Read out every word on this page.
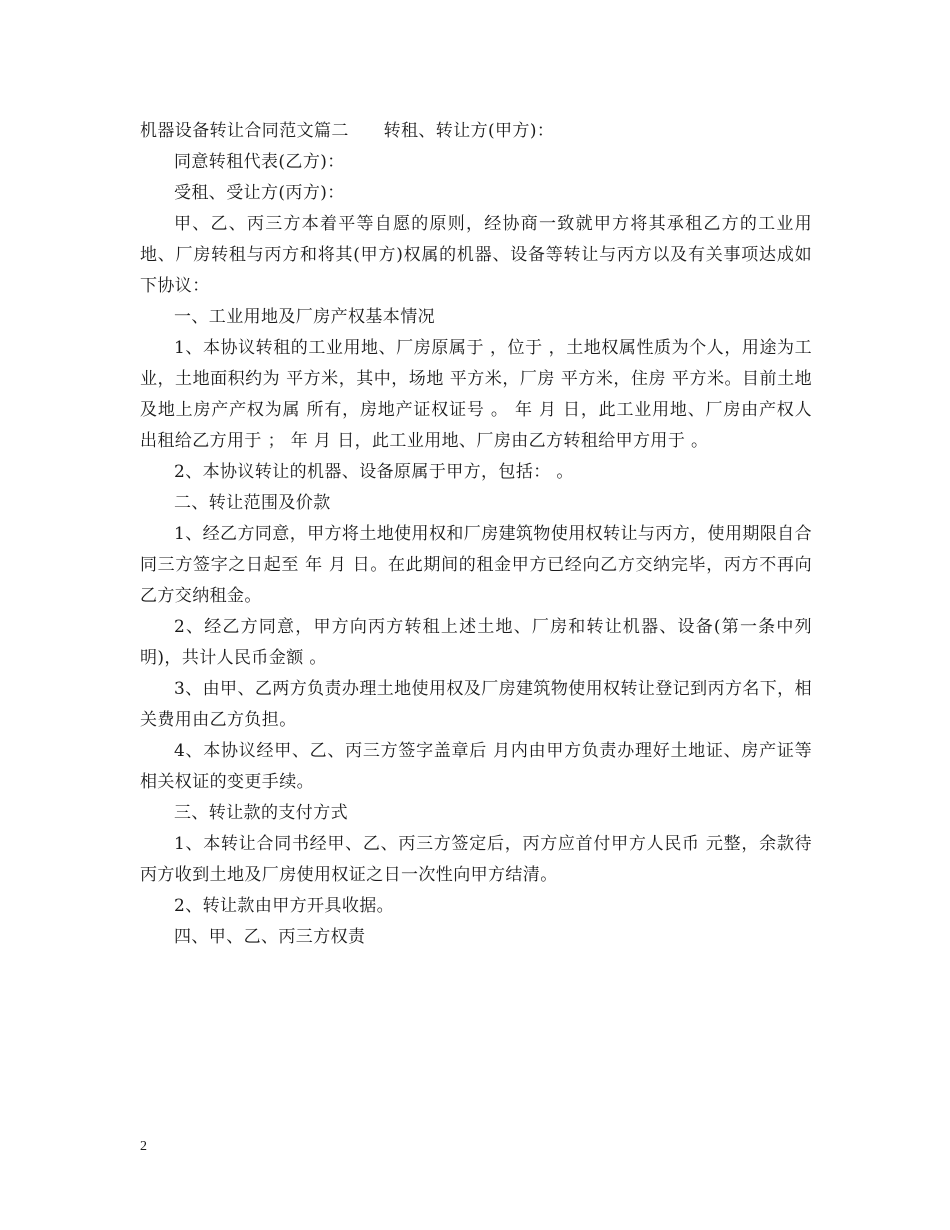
机器设备转让合同范文篇二　　转租、转让方(甲方)：

同意转租代表(乙方)：

受租、受让方(丙方)：

甲、乙、丙三方本着平等自愿的原则，经协商一致就甲方将其承租乙方的工业用地、厂房转租与丙方和将其(甲方)权属的机器、设备等转让与丙方以及有关事项达成如下协议：

一、工业用地及厂房产权基本情况

1、本协议转租的工业用地、厂房原属于 ，位于 ，土地权属性质为个人，用途为工业，土地面积约为 平方米，其中，场地 平方米，厂房 平方米，住房 平方米。目前土地及地上房产产权为属 所有，房地产证权证号 。 年 月 日，此工业用地、厂房由产权人出租给乙方用于 ； 年 月 日，此工业用地、厂房由乙方转租给甲方用于 。

2、本协议转让的机器、设备原属于甲方，包括： 。

二、转让范围及价款

1、经乙方同意，甲方将土地使用权和厂房建筑物使用权转让与丙方，使用期限自合同三方签字之日起至 年 月 日。在此期间的租金甲方已经向乙方交纳完毕，丙方不再向乙方交纳租金。

2、经乙方同意，甲方向丙方转租上述土地、厂房和转让机器、设备(第一条中列明)，共计人民币金额 。

3、由甲、乙两方负责办理土地使用权及厂房建筑物使用权转让登记到丙方名下，相关费用由乙方负担。

4、本协议经甲、乙、丙三方签字盖章后 月内由甲方负责办理好土地证、房产证等相关权证的变更手续。

三、转让款的支付方式

1、本转让合同书经甲、乙、丙三方签定后，丙方应首付甲方人民币 元整，余款待丙方收到土地及厂房使用权证之日一次性向甲方结清。

2、转让款由甲方开具收据。

四、甲、乙、丙三方权责

2
